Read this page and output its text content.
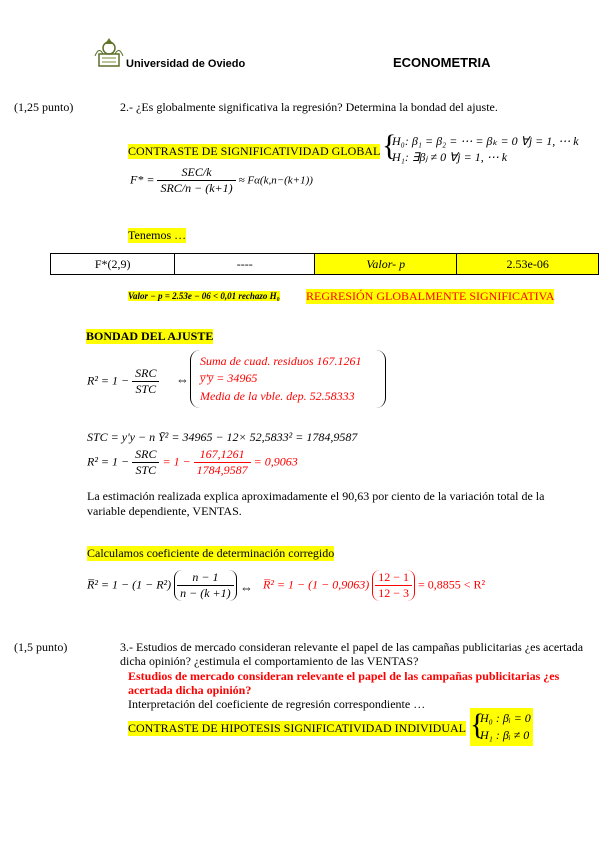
Universidad de Oviedo	ECONOMETRIA
(1,25 punto)	2.- ¿Es globalmente significativa la regresión? Determina la bondad del ajuste.
CONTRASTE DE SIGNIFICATIVIDAD GLOBAL {
H₀: β₁ = β₂ = ⋯ = βₖ = 0 ∀j = 1, ⋯ k
H₁: ∃βⱼ ≠ 0 ∀j = 1, ⋯ k
$F* = \frac{\text{SEC/k}}{\text{SRC/n − (k+1)}} \approx F\alpha(k,n-(k+1))$
Tenemos …
F*(2,9)	----	Valor- p	2.53e-06
Valor − p = 2.53e − 06 < 0,01 rechazo H₀ REGRESIÓN GLOBALMENTE SIGNIFICATIVA
BONDAD DEL AJUSTE
$R^2 = 1 - \frac{\text{SRC}}{\text{STC}}$ ⇔
Suma de cuad. residuos 167.1261
y̅'y̅ = 34965
Media de la vble. dep. 52.58333
STC = y'y − n Ȳ² = 34965 − 12× 52,5833² = 1784,9587
$R^2 = 1 - \frac{\text{SRC}}{\text{STC}} = 1 - \frac{167,1261}{1784,9587} = 0,9063$
La estimación realizada explica aproximadamente el 90,63 por ciento de la variación total de la variable dependiente, VENTAS.
Calculamos coeficiente de determinación corregido
R̅² = $1 - (1 - R^2) \frac{n - 1}{n - (k +1)}$ ⇔ R̅² = $1 - (1 - 0,9063) \frac{12 - 1}{12 - 3} = 0,8855 < R^2$
(1,5 punto)	3.- Estudios de mercado consideran relevante el papel de las campañas publicitarias ¿es acertada dicha opinión? ¿estimula el comportamiento de las VENTAS?
Estudios de mercado consideran relevante el papel de las campañas publicitarias ¿es acertada dicha opinión?
Interpretación del coeficiente de regresión correspondiente …
CONTRASTE DE HIPOTESIS SIGNIFICATIVIDAD INDIVIDUAL {
H₀ : βᵢ = 0
H₁ : βᵢ ≠ 0
